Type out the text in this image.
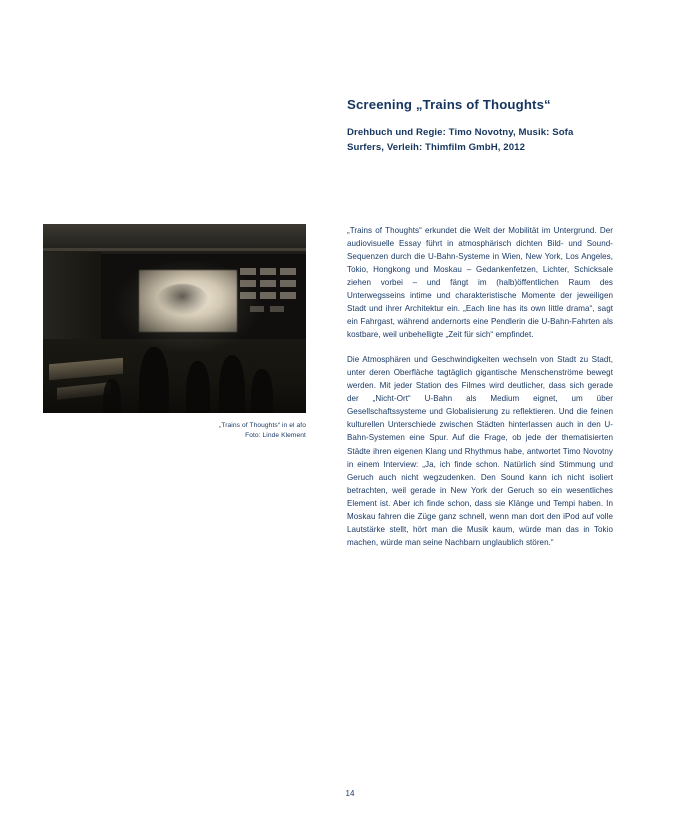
Screening „Trains of Thoughts“

Drehbuch und Regie: Timo Novotny, Musik: Sofa Surfers, Verleih: Thimfilm GmbH, 2012

„Trains of Thoughts“ in el afo
Foto: Linde Klement

„Trains of Thoughts“ erkundet die Welt der Mobilität im Untergrund. Der audiovisuelle Essay führt in atmosphärisch dichten Bild- und Sound-Sequenzen durch die U-Bahn-Systeme in Wien, New York, Los Angeles, Tokio, Hongkong und Moskau – Gedankenfetzen, Lichter, Schicksale ziehen vorbei – und fängt im (halb)öffentlichen Raum des Unterwegsseins intime und charakteristische Momente der jeweiligen Stadt und ihrer Architektur ein. „Each line has its own little drama“, sagt ein Fahrgast, während andernorts eine Pendlerin die U-Bahn-Fahrten als kostbare, weil unbehelligte „Zeit für sich“ empfindet.

Die Atmosphären und Geschwindigkeiten wechseln von Stadt zu Stadt, unter deren Oberfläche tagtäglich gigantische Menschenströme bewegt werden. Mit jeder Station des Filmes wird deutlicher, dass sich gerade der „Nicht-Ort“ U-Bahn als Medium eignet, um über Gesellschaftssysteme und Globalisierung zu reflektieren. Und die feinen kulturellen Unterschiede zwischen Städten hinterlassen auch in den U-Bahn-Systemen eine Spur. Auf die Frage, ob jede der thematisierten Städte ihren eigenen Klang und Rhythmus habe, antwortet Timo Novotny in einem Interview: „Ja, ich finde schon. Natürlich sind Stimmung und Geruch auch nicht wegzudenken. Den Sound kann ich nicht isoliert betrachten, weil gerade in New York der Geruch so ein wesentliches Element ist. Aber ich finde schon, dass sie Klänge und Tempi haben. In Moskau fahren die Züge ganz schnell, wenn man dort den iPod auf volle Lautstärke stellt, hört man die Musik kaum, würde man das in Tokio machen, würde man seine Nachbarn unglaublich stören.“

14
